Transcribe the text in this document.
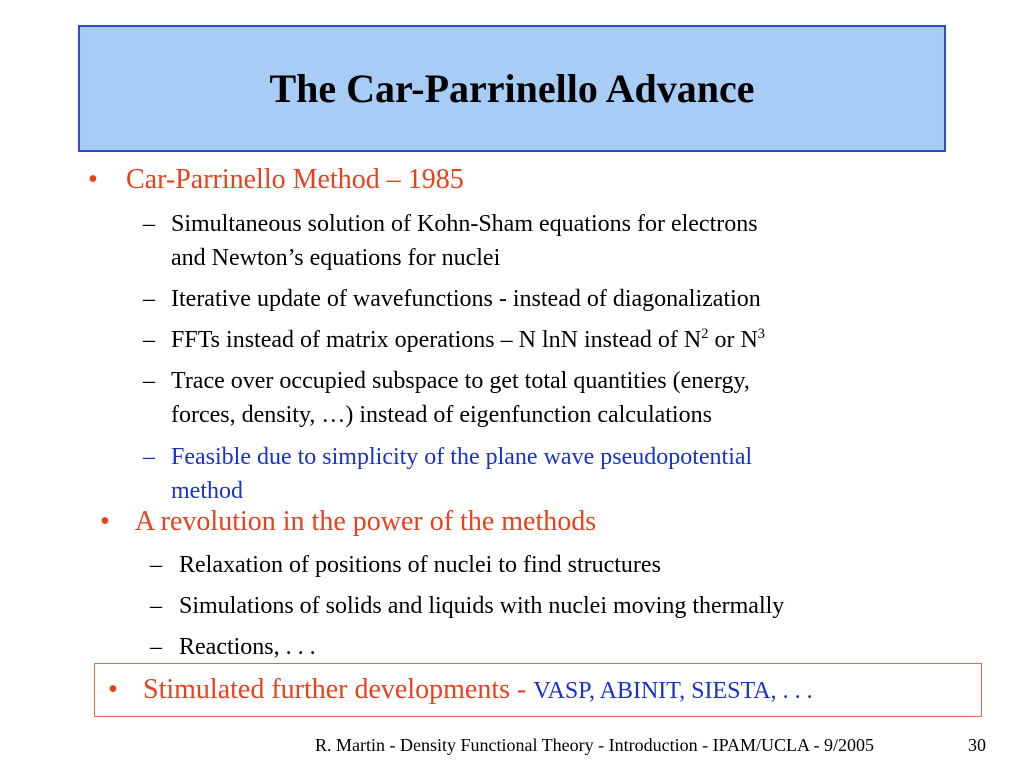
The Car-Parrinello Advance
• Car-Parrinello Method – 1985
– Simultaneous solution of Kohn-Sham equations for electrons
and Newton’s equations for nuclei
– Iterative update of wavefunctions - instead of diagonalization
– FFTs instead of matrix operations – N lnN instead of $N^2$ or $N^3$
– Trace over occupied subspace to get total quantities (energy,
forces, density, …) instead of eigenfunction calculations
– Feasible due to simplicity of the plane wave pseudopotential
method
• A revolution in the power of the methods
– Relaxation of positions of nuclei to find structures
– Simulations of solids and liquids with nuclei moving thermally
– Reactions, . . .
• Stimulated further developments - VASP, ABINIT, SIESTA, . . .
R. Martin - Density Functional Theory - Introduction - IPAM/UCLA - 9/2005	30
